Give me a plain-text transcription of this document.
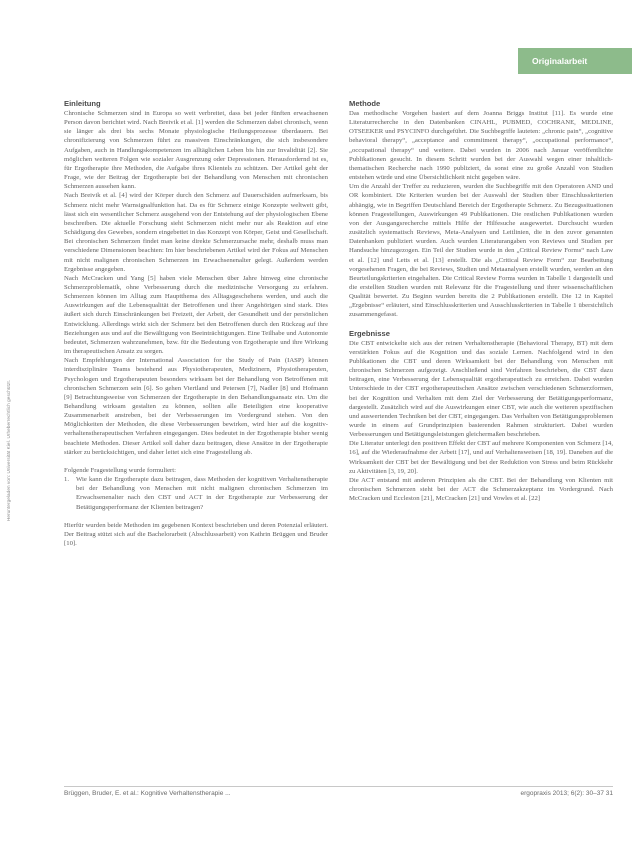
Originalarbeit
Heruntergeladen von: Universität Kiel. Urheberrechtlich geschützt.
Einleitung

Chronische Schmerzen sind in Europa so weit verbreitet, dass bei jeder fünften erwachsenen Person davon berichtet wird. Nach Breivik et al. [1] werden die Schmerzen dabei chronisch, wenn sie länger als drei bis sechs Monate physiologische Heilungsprozesse überdauern. Bei chronifizierung von Schmerzen führt zu massiven Einschränkungen, die sich insbesondere Aufgaben, auch in Handlungskompetenzen im alltäglichen Leben bis hin zur Invalidität [2]. Sie möglichen weiteren Folgen wie sozialer Ausgrenzung oder Depressionen. Herausfordernd ist es, für Ergotherapie ihre Methoden, die Aufgabe ihres Klientels zu schützen. Der Artikel geht der Frage, wie der Beitrag der Ergotherapie bei der Behandlung von Menschen mit chronischen Schmerzen aussehen kann.

Nach Breivik et al. [4] wird der Körper durch den Schmerz auf Dauerschäden aufmerksam, bis Schmerz nicht mehr Warnsignalfunktion hat. Da es für Schmerz einige Konzepte weltweit gibt, lässt sich ein wesentlicher Schmerz ausgehend von der Entstehung auf der physiologischen Ebene beschreiben. Die aktuelle Forschung sieht Schmerzen nicht mehr nur als Reaktion auf eine Schädigung des Gewebes, sondern eingebettet in das Konzept von Körper, Geist und Gesellschaft. Bei chronischen Schmerzen findet man keine direkte Schmerzursache mehr, deshalb muss man verschiedene Dimensionen beachten: Im hier beschriebenen Artikel wird der Fokus auf Menschen mit nicht malignen chronischen Schmerzen im Erwachsenenalter gelegt. Außerdem werden Ergebnisse angegeben.

Nach McCracken und Yang [5] haben viele Menschen über Jahre hinweg eine chronische Schmerzproblematik, ohne Verbesserung durch die medizinische Versorgung zu erfahren. Schmerzen können im Alltag zum Hauptthema des Alltagsgeschehens werden, und auch die Auswirkungen auf die Lebensqualität der Betroffenen und ihrer Angehörigen sind stark. Dies äußert sich durch Einschränkungen bei Freizeit, der Arbeit, der Gesundheit und der persönlichen Entwicklung. Allerdings wirkt sich der Schmerz bei den Betroffenen durch den Rückzug auf ihre Beziehungen aus und auf die Bewältigung von Beeinträchtigungen. Eine Teilhabe und Autonomie bedeutet, Schmerzen wahrzunehmen, bzw. für die Bedeutung von Ergotherapie und ihre Wirkung im therapeutischen Ansatz zu sorgen.

Nach Empfehlungen der International Association for the Study of Pain (IASP) können interdisziplinäre Teams bestehend aus Physiotherapeuten, Medizinern, Physiotherapeuten, Psychologen und Ergotherapeuten besonders wirksam bei der Behandlung von Betroffenen mit chronischen Schmerzen sein [6]. So gehen Viertland und Petersen [7], Nadler [8] und Hofmann [9] Betrachtungsweise von Schmerzen der Ergotherapie in den Behandlungsansatz ein. Um die Behandlung wirksam gestalten zu können, sollten alle Beteiligten eine kooperative Zusammenarbeit anstreben, bei der Verbesserungen im Vordergrund stehen. Von den Möglichkeiten der Methoden, die diese Verbesserungen bewirken, wird hier auf die kognitiv-verhaltenstherapeutischen Verfahren eingegangen. Dies bedeutet in der Ergotherapie bisher wenig beachtete Methoden. Dieser Artikel soll daher dazu beitragen, diese Ansätze in der Ergotherapie stärker zu berücksichtigen, und daher leitet sich eine Fragestellung ab.

Folgende Fragestellung wurde formuliert:

1. Wie kann die Ergotherapie dazu beitragen, dass Methoden der kognitiven Verhaltenstherapie bei der Behandlung von Menschen mit nicht malignen chronischen Schmerzen im Erwachsenenalter nach den CBT und ACT in der Ergotherapie zur Verbesserung der Betätigungsperformanz der Klienten beitragen?

Hierfür wurden beide Methoden im gegebenen Kontext beschrieben und deren Potenzial erläutert. Der Beitrag stützt sich auf die Bachelorarbeit (Abschlussarbeit) von Kathrin Brüggen und Bruder [10].

Methode

Das methodische Vorgehen basiert auf dem Joanna Briggs Institut [11]. Es wurde eine Literaturrecherche in den Datenbanken CINAHL, PUBMED, COCHRANE, MEDLINE, OTSEEKER und PSYCINFO durchgeführt. Die Suchbegriffe lauteten: „chronic pain“, „cognitive behavioral therapy“, „acceptance and commitment therapy“, „occupational performance“, „occupational therapy“ und weitere. Dabei wurden in 2006 nach Januar veröffentlichte Publikationen gesucht. In diesem Schritt wurden bei der Auswahl wegen einer inhaltlich-thematischen Recherche nach 1990 publiziert, da sonst eine zu große Anzahl von Studien entstehen würde und eine Übersichtlichkeit nicht gegeben wäre.

Um die Anzahl der Treffer zu reduzieren, wurden die Suchbegriffe mit den Operatoren AND und OR kombiniert. Die Kriterien wurden bei der Auswahl der Studien über Einschlusskriterien abhängig, wie in Begriffen Deutschland Bereich der Ergotherapie Schmerz. Zu Bezugssituationen können Fragestellungen, Auswirkungen 49 Publikationen. Die restlichen Publikationen wurden von der Ausgangsrecherche mittels Hilfe der Hilfesuche ausgewertet. Durchsucht wurden zusätzlich systematisch Reviews, Meta-Analysen und Leitlinien, die in den zuvor genannten Datenbanken publiziert wurden. Auch wurden Literaturangaben von Reviews und Studien per Handsuche hinzugezogen. Ein Teil der Studien wurde in den „Critical Review Forms“ nach Law et al. [12] und Letts et al. [13] erstellt. Die als „Critical Review Form“ zur Bearbeitung vorgesehenen Fragen, die bei Reviews, Studien und Metaanalysen erstellt wurden, werden an den Beurteilungskriterien eingehalten. Die Critical Review Forms wurden in Tabelle 1 dargestellt und die erstellten Studien wurden mit Relevanz für die Fragestellung und ihrer wissenschaftlichen Qualität bewertet. Zu Beginn wurden bereits die 2 Publikationen erstellt. Die 12 in Kapitel „Ergebnisse“ erläutert, sind Einschlusskriterien und Ausschlusskriterien in Tabelle 1 übersichtlich zusammengefasst.

Ergebnisse

Die CBT entwickelte sich aus der reinen Verhaltenstherapie (Behavioral Therapy, BT) mit dem verstärkten Fokus auf die Kognition und das soziale Lernen. Nachfolgend wird in den Publikationen die CBT und deren Wirksamkeit bei der Behandlung von Menschen mit chronischen Schmerzen aufgezeigt. Anschließend sind Verfahren beschrieben, die CBT dazu beitragen, eine Verbesserung der Lebensqualität ergotherapeutisch zu erreichen. Dabei wurden Unterschiede in der CBT ergotherapeutischen Ansätze zwischen verschiedenen Schmerzformen, bei der Kognition und Verhalten mit dem Ziel der Verbesserung der Betätigungsperformanz, dargestellt. Zusätzlich wird auf die Auswirkungen einer CBT, wie auch die weiteren spezifischen und auswertenden Techniken bei der CBT, eingegangen. Das Verhalten von Betätigungsproblemen wurde in einem auf Grundprinzipien basierenden Rahmen strukturiert. Dabei wurden Verbesserungen und Betätigungsleistungen gleichermaßen beschrieben.

Die Literatur unterlegt den positiven Effekt der CBT auf mehrere Komponenten von Schmerz [14, 16], auf die Wiederaufnahme der Arbeit [17], und auf Verhaltensweisen [18, 19]. Daneben auf die Wirksamkeit der CBT bei der Bewältigung und bei der Reduktion von Stress und beim Rückkehr zu Aktivitäten [3, 19, 20].

Die ACT entstand mit anderen Prinzipien als die CBT. Bei der Behandlung von Klienten mit chronischen Schmerzen steht bei der ACT die Schmerzakzeptanz im Vordergrund. Nach McCracken und Eccleston [21], McCracken [21] und Vowles et al. [22]

Brüggen, Bruder, E. et al.: Kognitive Verhaltenstherapie ...	ergopraxis 2013; 6(2): 30–37 31
